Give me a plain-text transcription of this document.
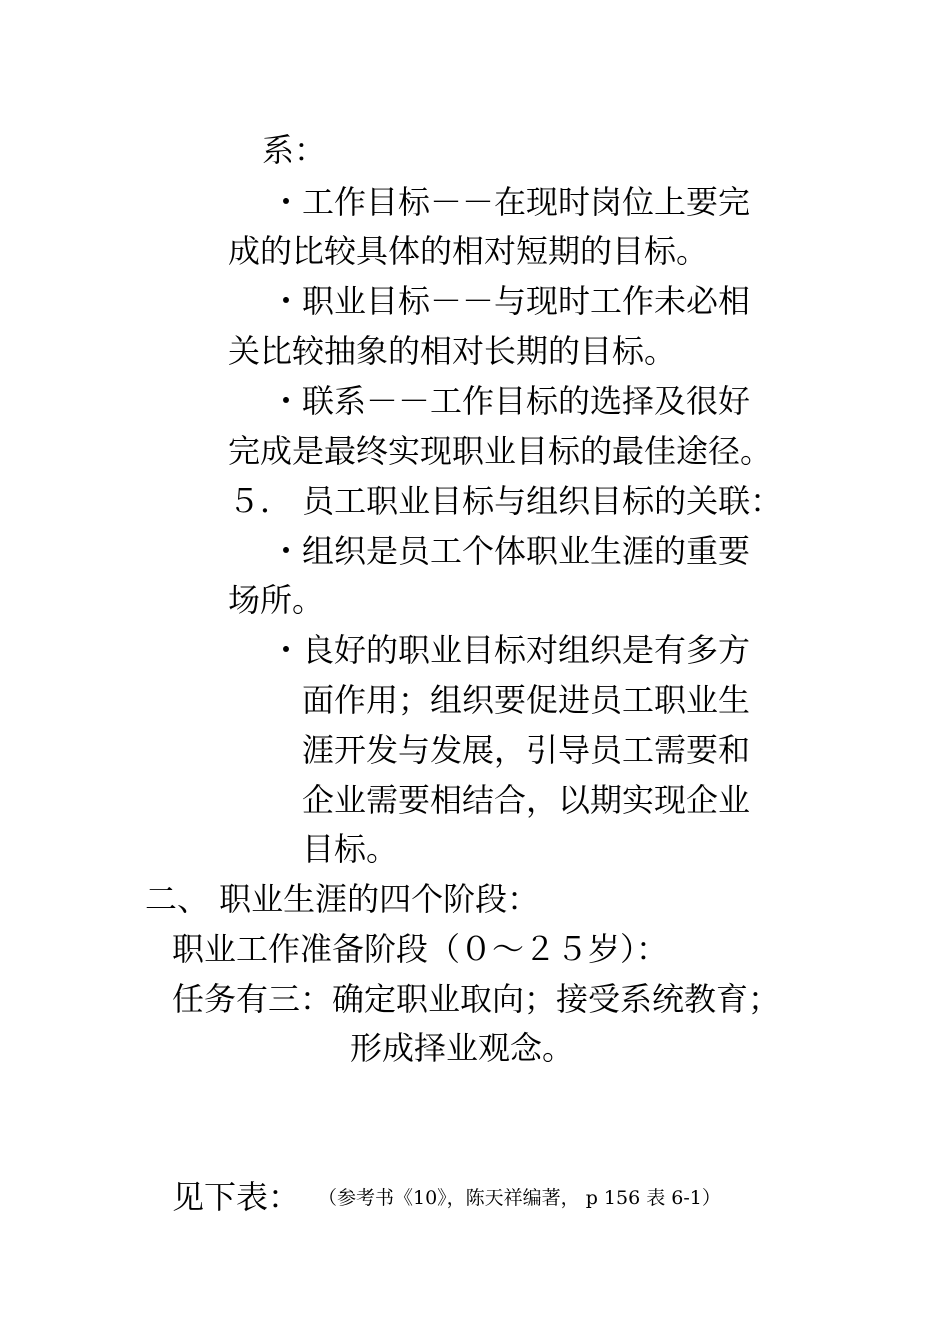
系：
・工作目标－－在现时岗位上要完
成的比较具体的相对短期的目标。
・职业目标－－与现时工作未必相
关比较抽象的相对长期的目标。
・联系－－工作目标的选择及很好
完成是最终实现职业目标的最佳途径。
５． 员工职业目标与组织目标的关联：
・组织是员工个体职业生涯的重要
场所。
・良好的职业目标对组织是有多方
面作用；组织要促进员工职业生
涯开发与发展，引导员工需要和
企业需要相结合，以期实现企业
目标。
二、 职业生涯的四个阶段：
职业工作准备阶段（０～２５岁）：
任务有三：确定职业取向；接受系统教育；
形成择业观念。
见下表： （参考书《10》，陈天祥编著， p 156 表 6-1）
